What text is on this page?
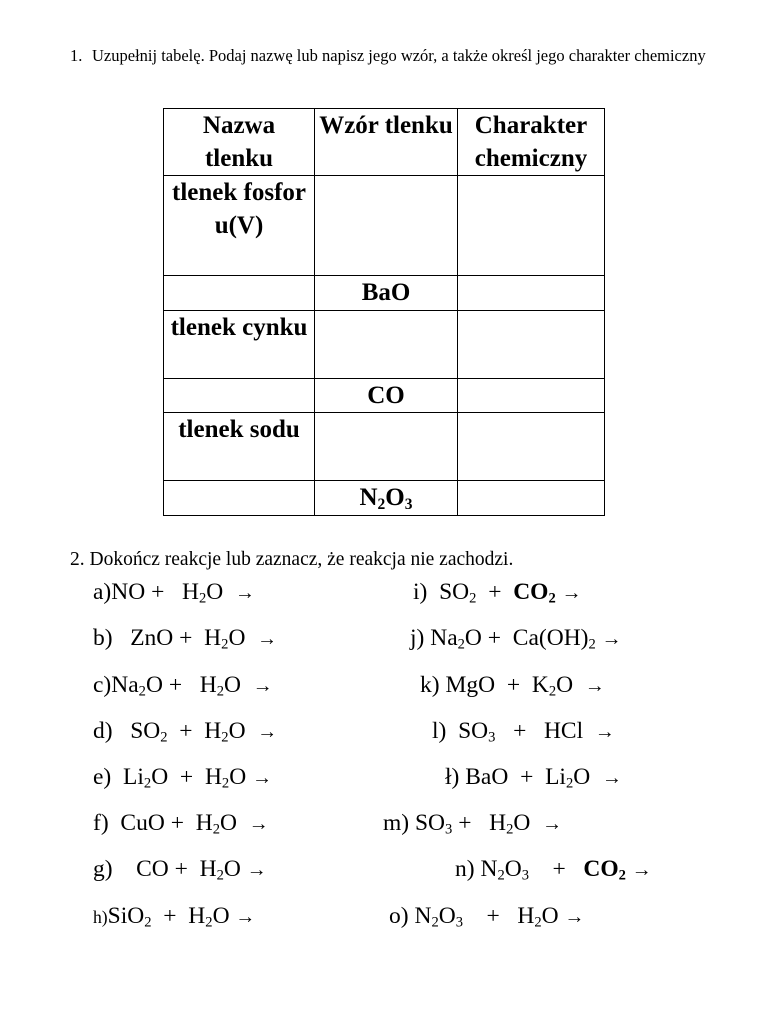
1. Uzupełnij tabelę. Podaj nazwę lub napisz jego wzór, a także określ jego charakter chemiczny
Nazwa tlenku	Wzór tlenku	Charakter chemiczny
tlenek fosforu(V)		
	BaO	
tlenek cynku		
	CO	
tlenek sodu		
	$N_2O_3$	
2. Dokończ reakcje lub zaznacz, że reakcja nie zachodzi.
$a)NO + H_2O$ →
b) ZnO + $H_2O$ →
$c)Na_2O + H_2O$ →
d) $SO_2 + H_2O$ →
e) $Li_2O + H_2O$ →
f) CuO + $H_2O$ →
g) CO + $H_2O$ →
$h)SiO_2 + H_2O$ →
i) $SO_2 + CO_2$ →
j) $Na_2O + Ca(OH)_2$ →
k) MgO + $K_2O$ →
l) $SO_3$ + HCl →
ł) BaO + $Li_2O$ →
m) $SO_3 + H_2O$ →
n) $N_2O_3 + CO_2$ →
o) $N_2O_3 + H_2O$ →
